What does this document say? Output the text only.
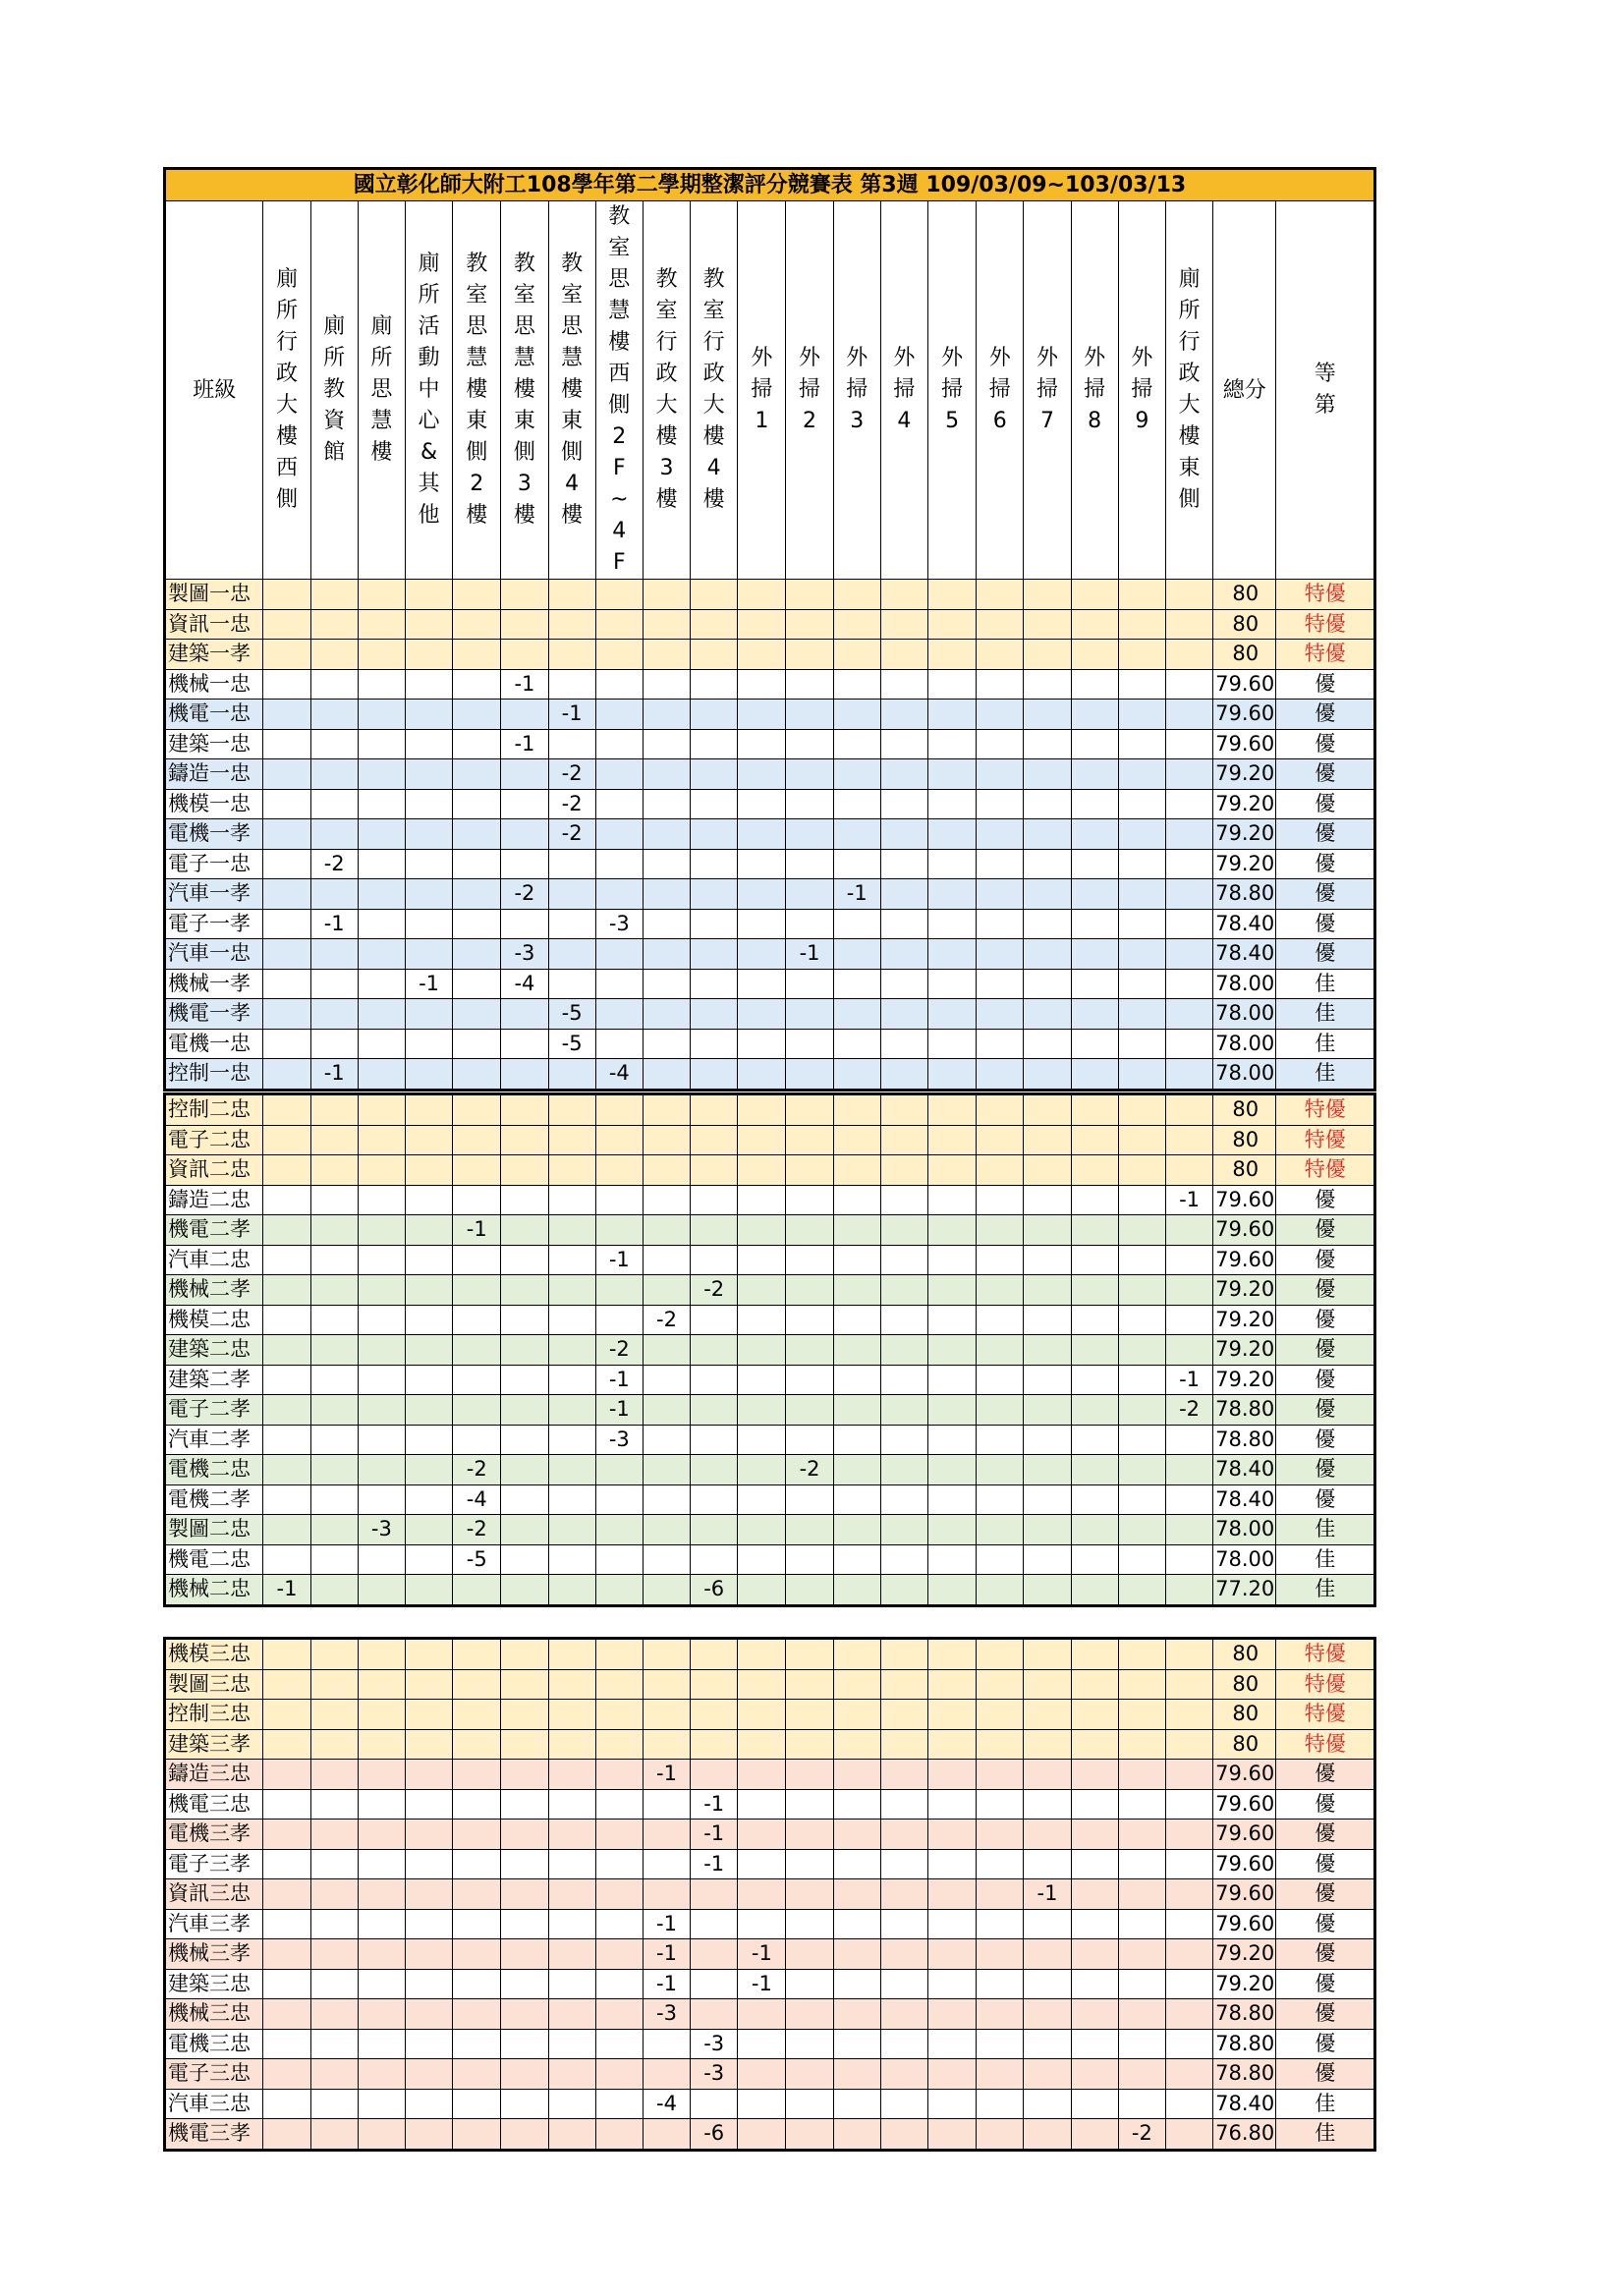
國立彰化師大附工108學年第二學期整潔評分競賽表 第3週 109/03/09~103/03/13																						
班級	廁所行政大樓西側	廁所教資館	廁所思慧樓	廁所活動中心&其他	教室思慧樓東側2樓	教室思慧樓東側3樓	教室思慧樓東側4樓	教室思慧樓西側2F~4F	教室行政大樓3樓	教室行政大樓4樓	外掃1	外掃2	外掃3	外掃4	外掃5	外掃6	外掃7	外掃8	外掃9	廁所行政大樓東側	總分	等第
製圖一忠																					80	特優
資訊一忠																					80	特優
建築一孝																					80	特優
機械一忠						-1															79.60	優
機電一忠							-1														79.60	優
建築一忠						-1															79.60	優
鑄造一忠							-2														79.20	優
機模一忠							-2														79.20	優
電機一孝							-2														79.20	優
電子一忠		-2																			79.20	優
汽車一孝						-2							-1								78.80	優
電子一孝		-1						-3													78.40	優
汽車一忠						-3						-1									78.40	優
機械一孝				-1		-4															78.00	佳
機電一孝							-5														78.00	佳
電機一忠							-5														78.00	佳
控制一忠		-1						-4													78.00	佳
控制二忠																					80	特優
電子二忠																					80	特優
資訊二忠																					80	特優
鑄造二忠																				-1	79.60	優
機電二孝					-1																79.60	優
汽車二忠								-1													79.60	優
機械二孝										-2											79.20	優
機模二忠									-2												79.20	優
建築二忠								-2													79.20	優
建築二孝								-1												-1	79.20	優
電子二孝								-1												-2	78.80	優
汽車二孝								-3													78.80	優
電機二忠					-2							-2									78.40	優
電機二孝					-4																78.40	優
製圖二忠			-3		-2																78.00	佳
機電二忠					-5																78.00	佳
機械二忠	-1									-6											77.20	佳
機模三忠																					80	特優
製圖三忠																					80	特優
控制三忠																					80	特優
建築三孝																					80	特優
鑄造三忠									-1												79.60	優
機電三忠										-1											79.60	優
電機三孝										-1											79.60	優
電子三孝										-1											79.60	優
資訊三忠																	-1				79.60	優
汽車三孝									-1												79.60	優
機械三孝									-1		-1										79.20	優
建築三忠									-1		-1										79.20	優
機械三忠									-3												78.80	優
電機三忠										-3											78.80	優
電子三忠										-3											78.80	優
汽車三忠									-4												78.40	佳
機電三孝										-6									-2		76.80	佳
